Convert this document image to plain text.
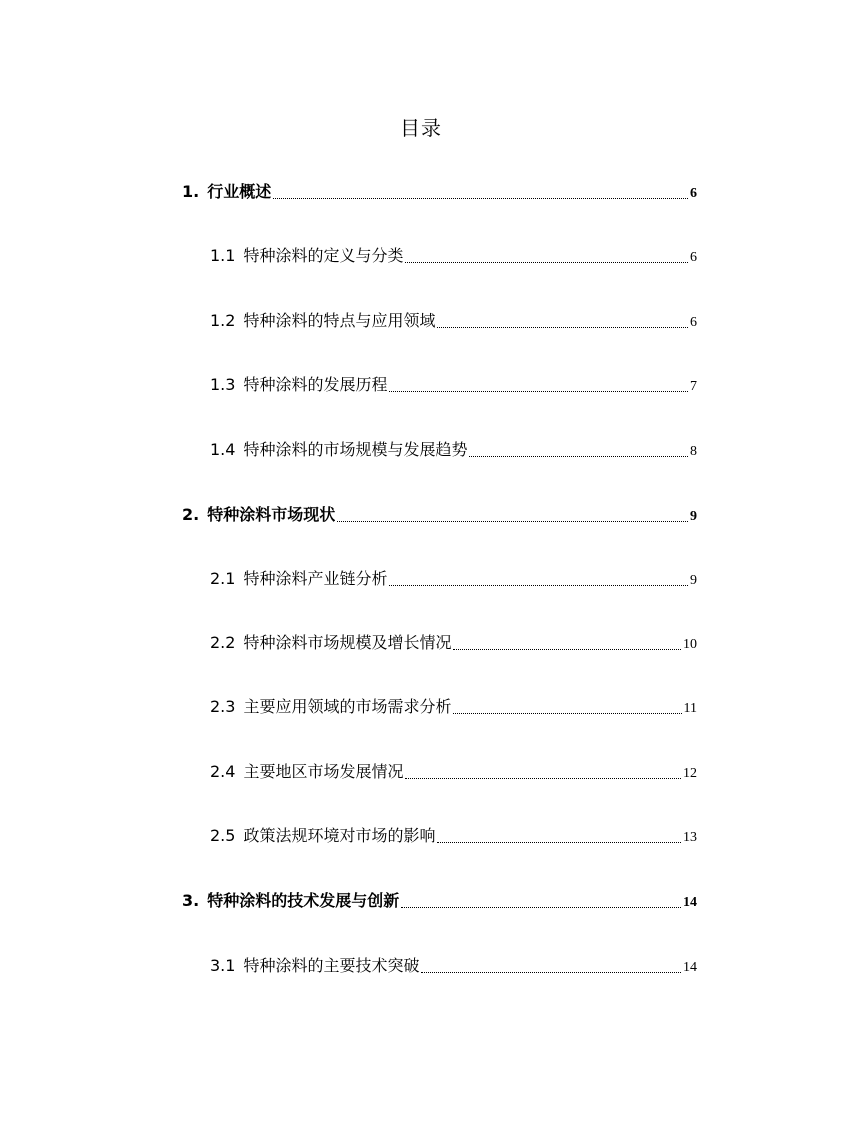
目录
1. 行业概述	6
1.1 特种涂料的定义与分类	6
1.2 特种涂料的特点与应用领域	6
1.3 特种涂料的发展历程	7
1.4 特种涂料的市场规模与发展趋势	8
2. 特种涂料市场现状	9
2.1 特种涂料产业链分析	9
2.2 特种涂料市场规模及增长情况	10
2.3 主要应用领域的市场需求分析	11
2.4 主要地区市场发展情况	12
2.5 政策法规环境对市场的影响	13
3. 特种涂料的技术发展与创新	14
3.1 特种涂料的主要技术突破	14
